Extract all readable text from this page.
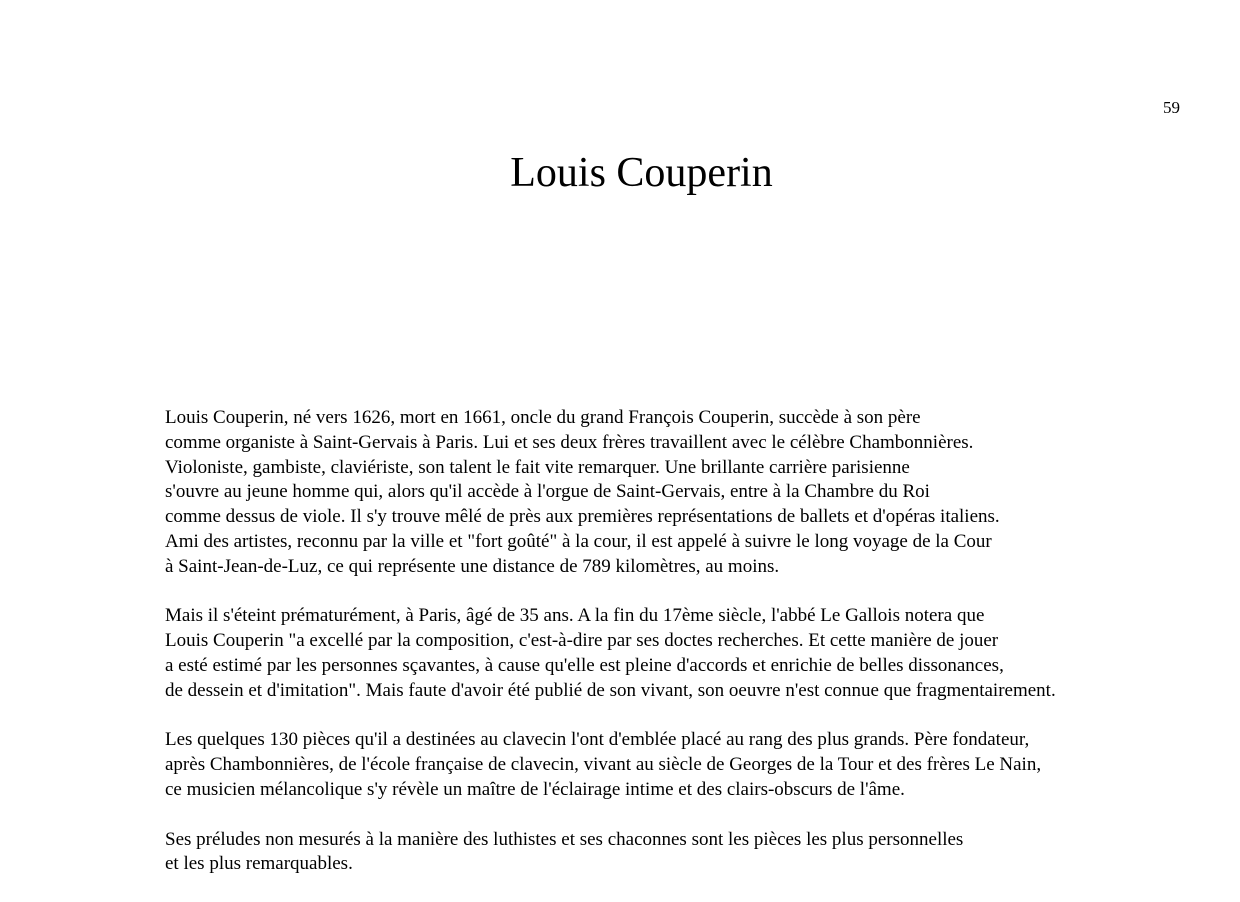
59
Louis Couperin

Louis Couperin, né vers 1626, mort en 1661, oncle du grand François Couperin, succède à son père
comme organiste à Saint-Gervais à Paris. Lui et ses deux frères travaillent avec le célèbre Chambonnières.
Violoniste, gambiste, claviériste, son talent le fait vite remarquer. Une brillante carrière parisienne
s'ouvre au jeune homme qui, alors qu'il accède à l'orgue de Saint-Gervais, entre à la Chambre du Roi
comme dessus de viole. Il s'y trouve mêlé de près aux premières représentations de ballets et d'opéras italiens.
Ami des artistes, reconnu par la ville et "fort goûté" à la cour, il est appelé à suivre le long voyage de la Cour
à Saint-Jean-de-Luz, ce qui représente une distance de 789 kilomètres, au moins.

Mais il s'éteint prématurément, à Paris, âgé de 35 ans. A la fin du 17ème siècle, l'abbé Le Gallois notera que
Louis Couperin "a excellé par la composition, c'est-à-dire par ses doctes recherches. Et cette manière de jouer
a esté estimé par les personnes sçavantes, à cause qu'elle est pleine d'accords et enrichie de belles dissonances,
de dessein et d'imitation". Mais faute d'avoir été publié de son vivant, son oeuvre n'est connue que fragmentairement.

Les quelques 130 pièces qu'il a destinées au clavecin l'ont d'emblée placé au rang des plus grands. Père fondateur,
après Chambonnières, de l'école française de clavecin, vivant au siècle de Georges de la Tour et des frères Le Nain,
ce musicien mélancolique s'y révèle un maître de l'éclairage intime et des clairs-obscurs de l'âme.

Ses préludes non mesurés à la manière des luthistes et ses chaconnes sont les pièces les plus personnelles
et les plus remarquables.
